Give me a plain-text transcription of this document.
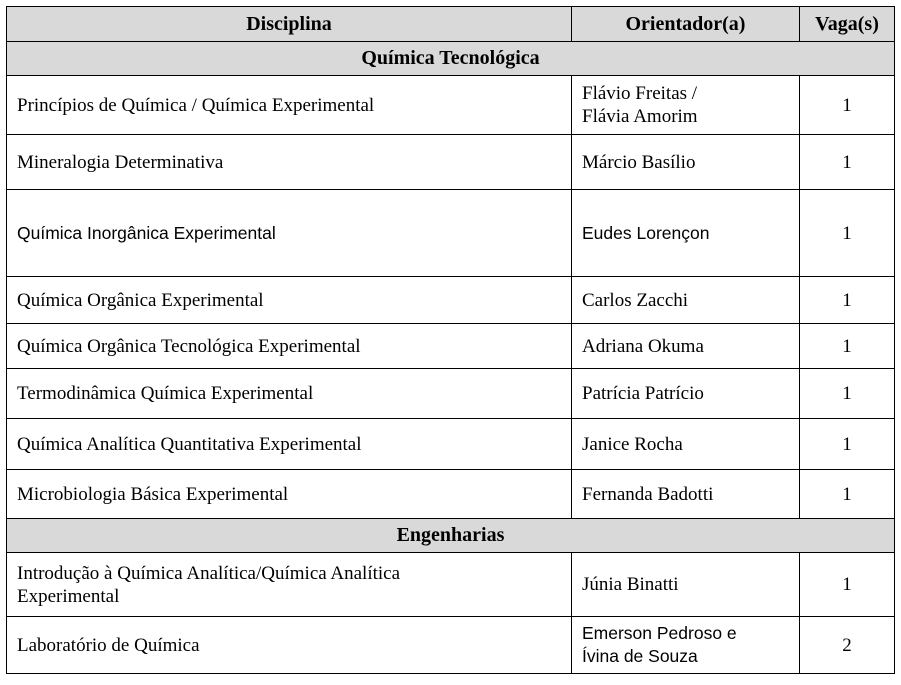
Disciplina	Orientador(a)	Vaga(s)
Química Tecnológica		
Princípios de Química / Química Experimental	Flávio Freitas /
Flávia Amorim	1
Mineralogia Determinativa	Márcio Basílio	1
Química Inorgânica Experimental	Eudes Lorençon	1
Química Orgânica Experimental	Carlos Zacchi	1
Química Orgânica Tecnológica Experimental	Adriana Okuma	1
Termodinâmica Química Experimental	Patrícia Patrício	1
Química Analítica Quantitativa Experimental	Janice Rocha	1
Microbiologia Básica Experimental	Fernanda Badotti	1
Engenharias		

Introdução à Química Analítica/Química Analítica
Experimental	Júnia Binatti	1
Laboratório de Química	Emerson Pedroso e
Ívina de Souza	2
